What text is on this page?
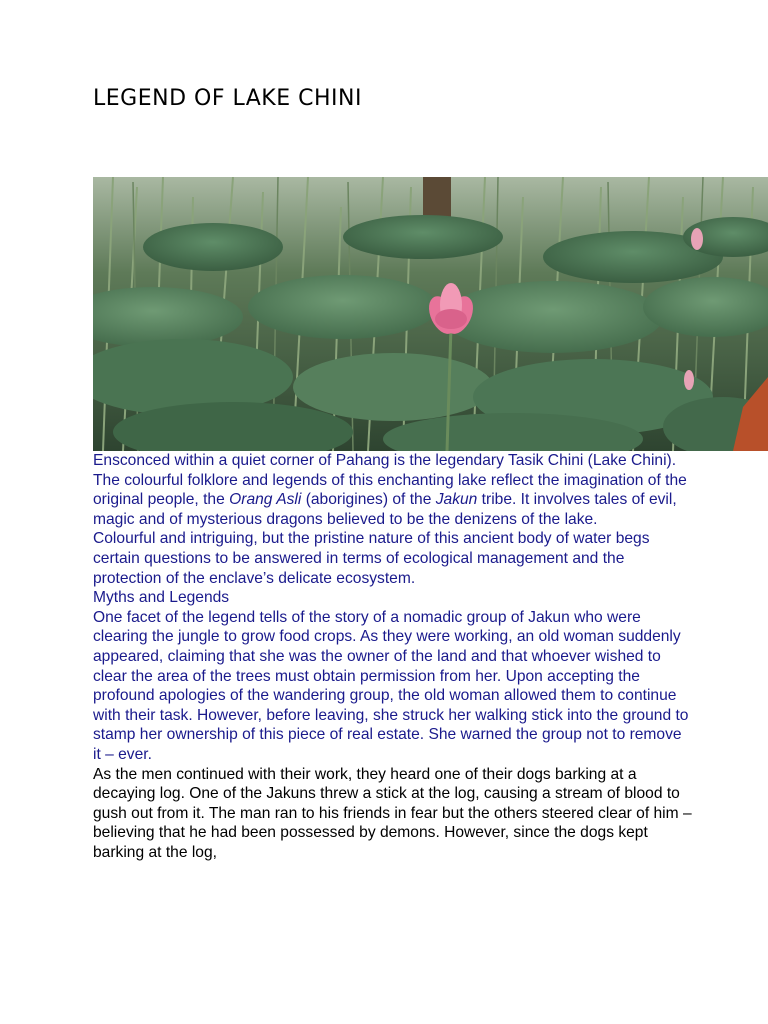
LEGEND OF LAKE CHINI

Ensconced within a quiet corner of Pahang is the legendary Tasik Chini (Lake Chini). The colourful folklore and legends of this enchanting lake reflect the imagination of the original people, the Orang Asli (aborigines) of the Jakun tribe. It involves tales of evil, magic and of mysterious dragons believed to be the denizens of the lake.

Colourful and intriguing, but the pristine nature of this ancient body of water begs certain questions to be answered in terms of ecological management and the protection of the enclave’s delicate ecosystem.

Myths and Legends

One facet of the legend tells of the story of a nomadic group of Jakun who were clearing the jungle to grow food crops. As they were working, an old woman suddenly appeared, claiming that she was the owner of the land and that whoever wished to clear the area of the trees must obtain permission from her. Upon accepting the profound apologies of the wandering group, the old woman allowed them to continue with their task. However, before leaving, she struck her walking stick into the ground to stamp her ownership of this piece of real estate. She warned the group not to remove it – ever.

As the men continued with their work, they heard one of their dogs barking at a decaying log. One of the Jakuns threw a stick at the log, causing a stream of blood to gush out from it. The man ran to his friends in fear but the others steered clear of him – believing that he had been possessed by demons. However, since the dogs kept barking at the log,
